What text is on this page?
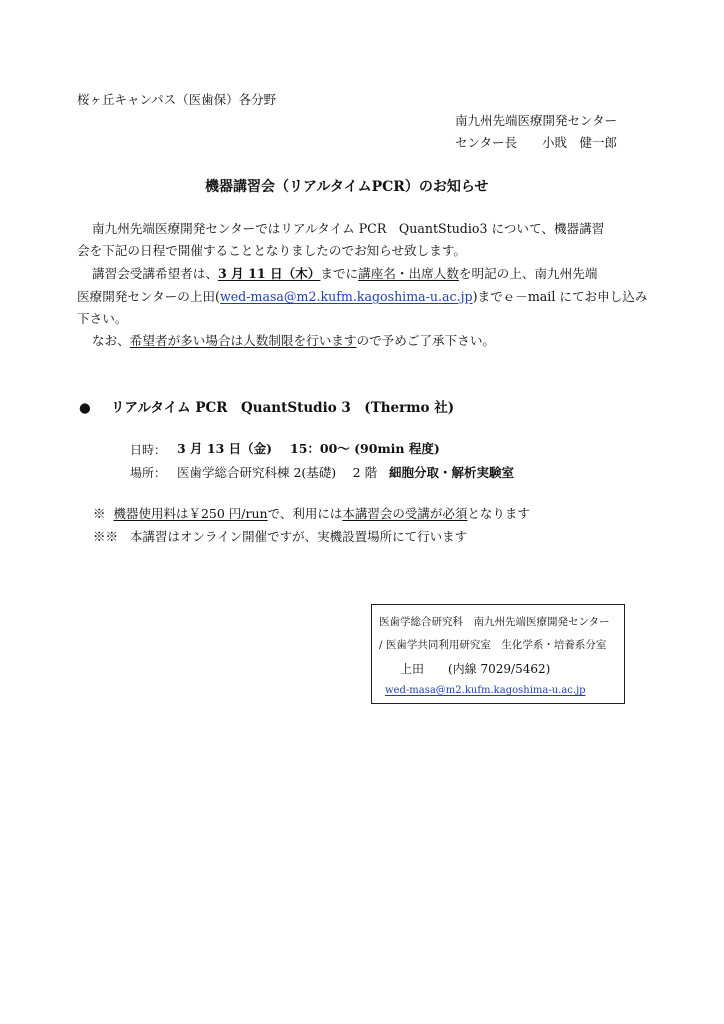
桜ヶ丘キャンパス（医歯保）各分野
南九州先端医療開発センター
センター長　　小戝　健一郎
機器講習会（リアルタイムPCR）のお知らせ
南九州先端医療開発センターではリアルタイム PCR　QuantStudio3 について、機器講習
会を下記の日程で開催することとなりましたのでお知らせ致します。
講習会受講希望者は、3 月 11 日（木）までに講座名・出席人数を明記の上、南九州先端
医療開発センターの上田(wed-masa@m2.kufm.kagoshima-u.ac.jp)までｅ－mail にてお申し込み
下さい。
なお、希望者が多い場合は人数制限を行いますので予めご了承下さい。
● リアルタイム PCR　QuantStudio 3　(Thermo 社)
日時： 3 月 13 日（金) 15：00～ (90min 程度)
場所： 医歯学総合研究科棟 2(基礎)　 2 階 細胞分取・解析実験室
※ 機器使用料は￥250 円/runで、利用には本講習会の受講が必須となります
※※ 本講習はオンライン開催ですが、実機設置場所にて行います
医歯学総合研究科　南九州先端医療開発センター
/ 医歯学共同利用研究室　生化学系・培養系分室
上田　　(内線 7029/5462)
wed-masa@m2.kufm.kagoshima-u.ac.jp
